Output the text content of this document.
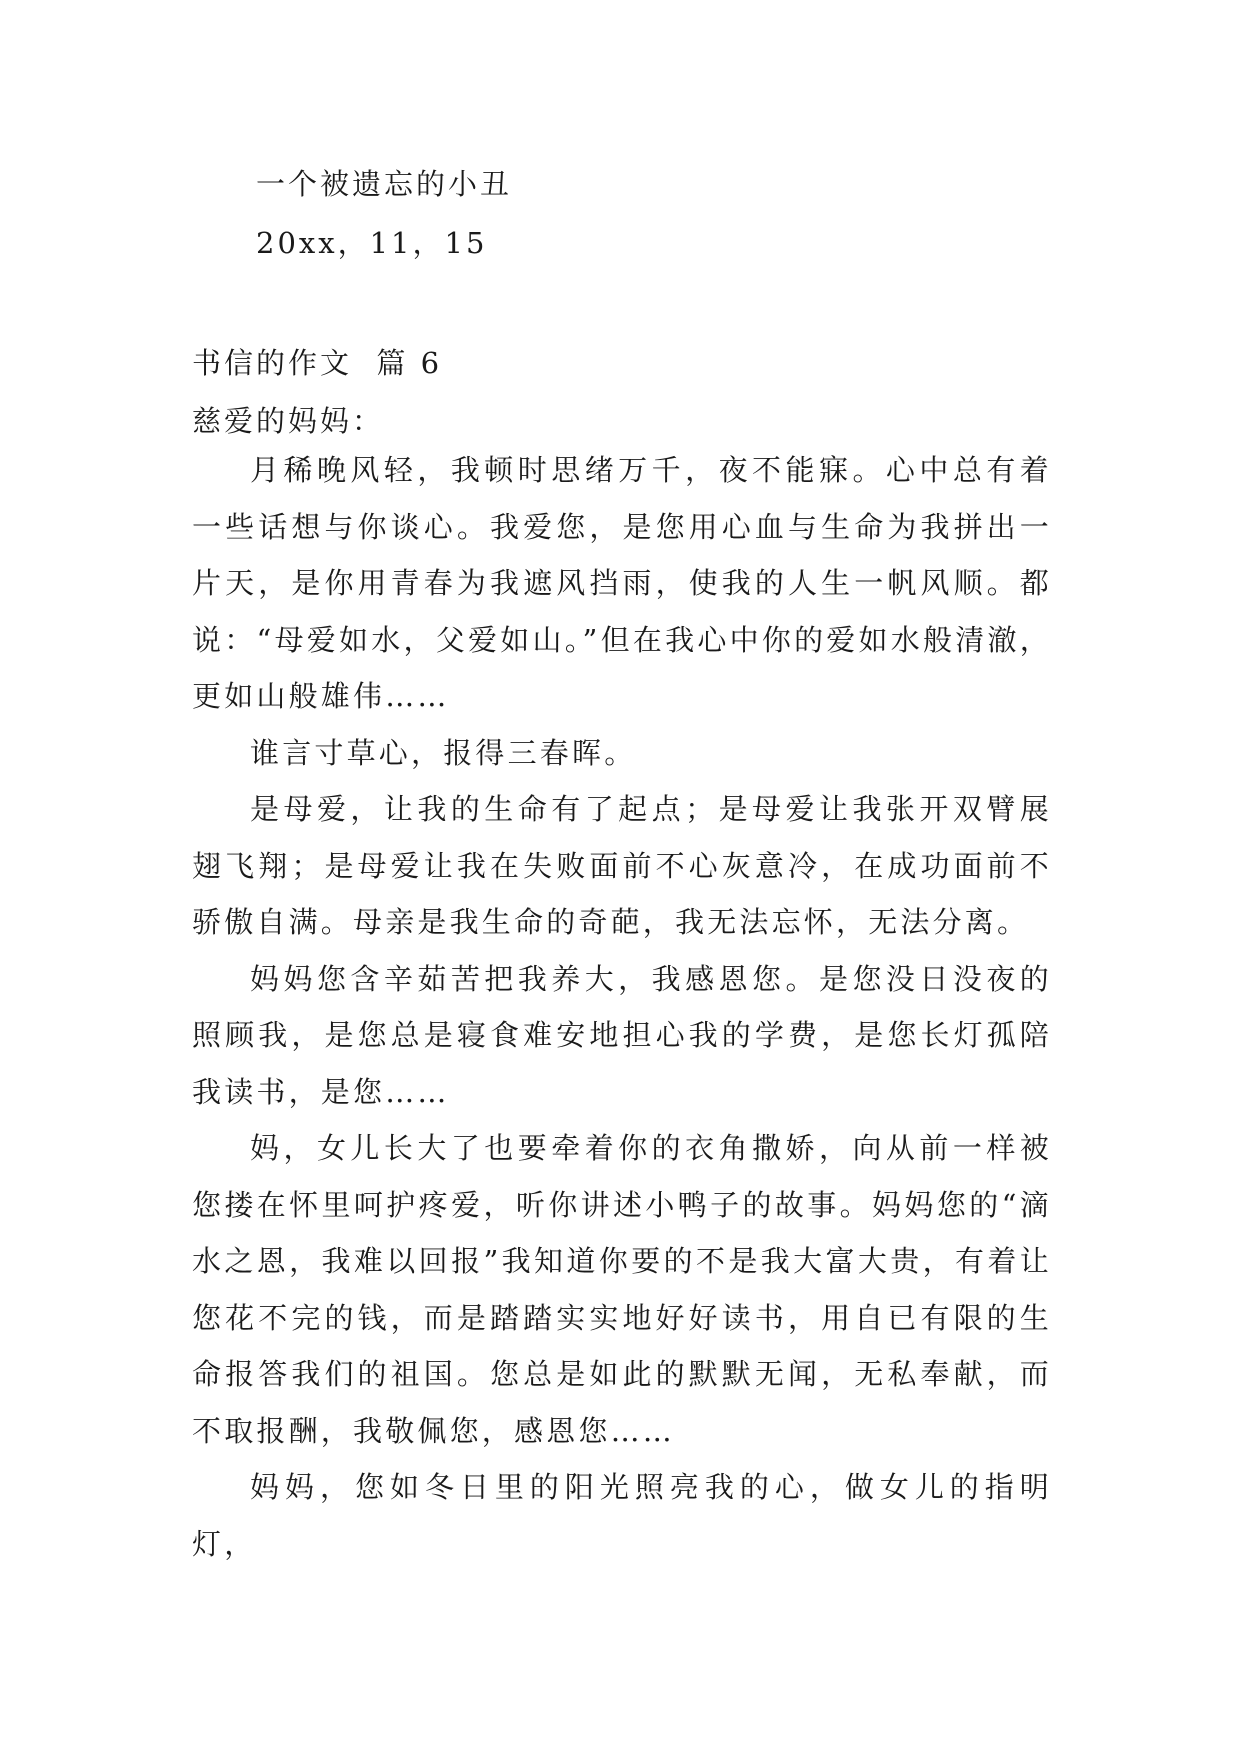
一个被遗忘的小丑
20xx，11，15
书信的作文  篇 6
慈爱的妈妈：

月稀晚风轻，我顿时思绪万千，夜不能寐。心中总有着一些话想与你谈心。我爱您，是您用心血与生命为我拼出一片天，是你用青春为我遮风挡雨，使我的人生一帆风顺。都说：“母爱如水，父爱如山。”但在我心中你的爱如水般清澈，更如山般雄伟……

谁言寸草心，报得三春晖。

是母爱，让我的生命有了起点；是母爱让我张开双臂展翅飞翔；是母爱让我在失败面前不心灰意冷，在成功面前不骄傲自满。母亲是我生命的奇葩，我无法忘怀，无法分离。

妈妈您含辛茹苦把我养大，我感恩您。是您没日没夜的照顾我，是您总是寝食难安地担心我的学费，是您长灯孤陪我读书，是您……

妈，女儿长大了也要牵着你的衣角撒娇，向从前一样被您搂在怀里呵护疼爱，听你讲述小鸭子的故事。妈妈您的“滴水之恩，我难以回报”我知道你要的不是我大富大贵，有着让您花不完的钱，而是踏踏实实地好好读书，用自已有限的生命报答我们的祖国。您总是如此的默默无闻，无私奉献，而不取报酬，我敬佩您，感恩您……

妈妈，您如冬日里的阳光照亮我的心，做女儿的指明灯，
